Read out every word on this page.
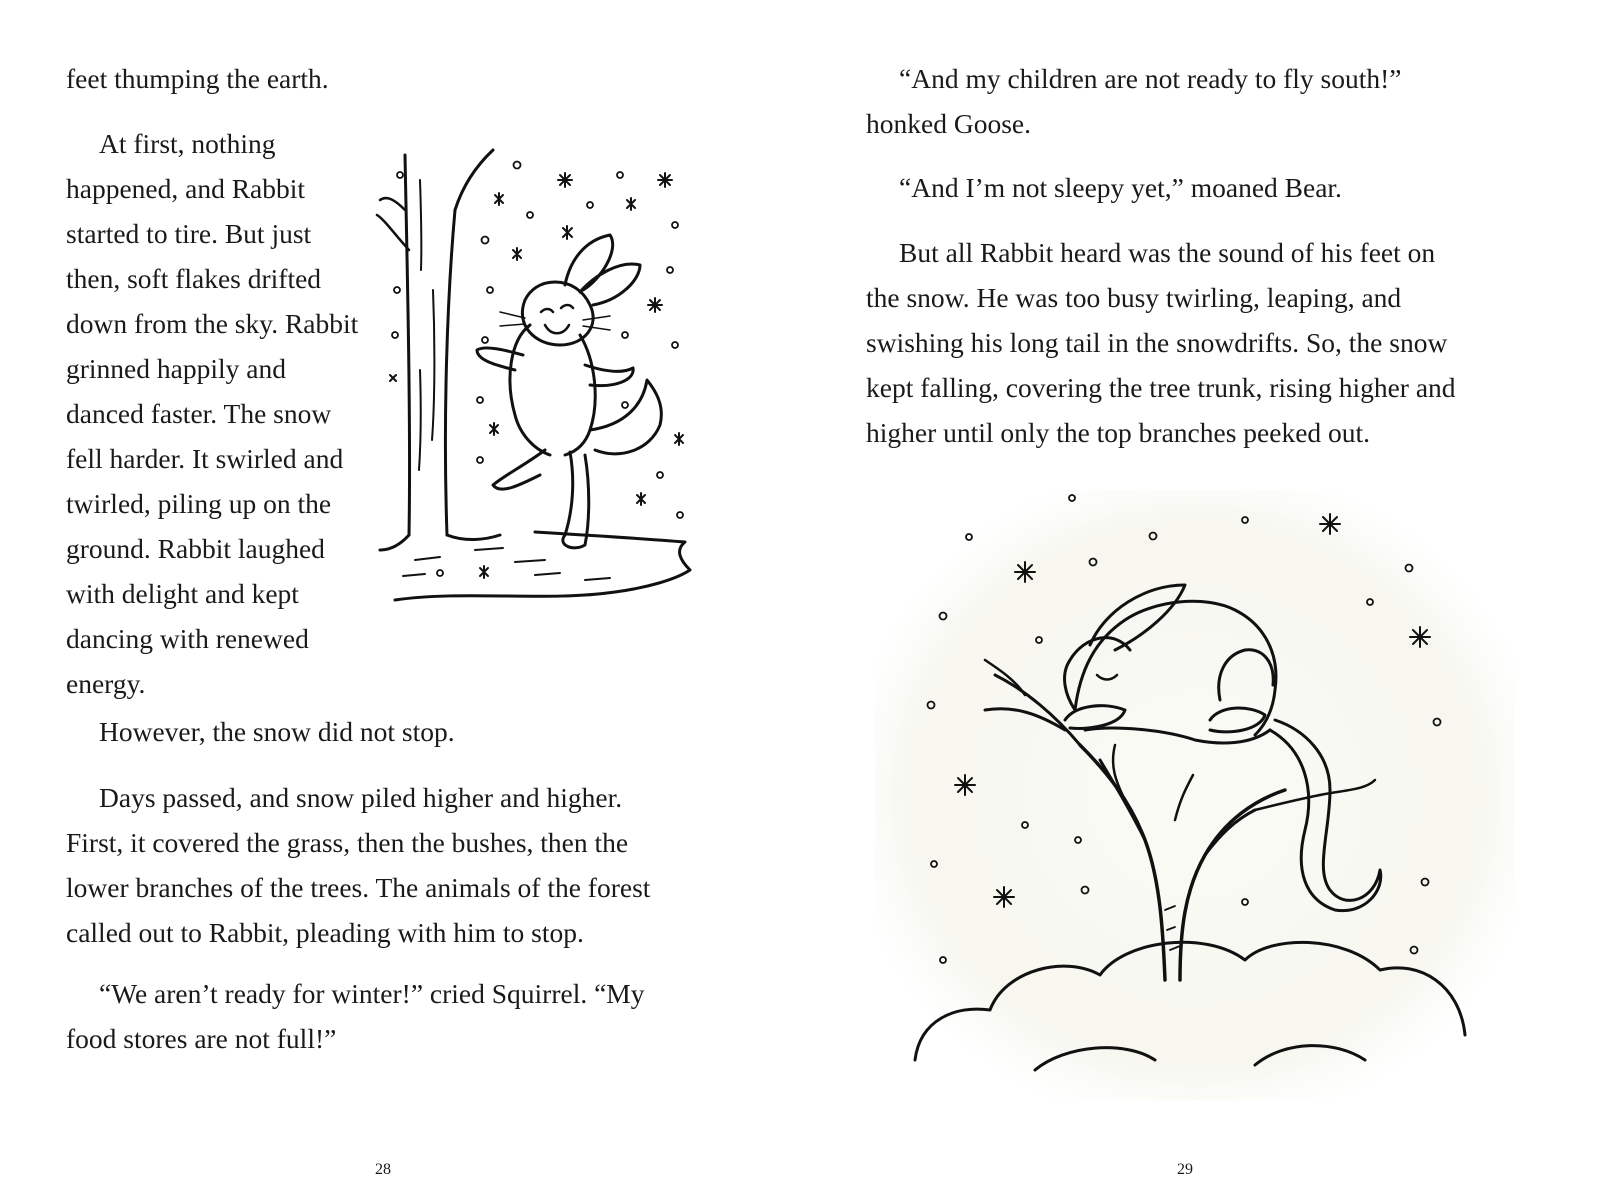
feet thumping the earth.
At first, nothing
happened, and Rabbit
started to tire. But just
then, soft flakes drifted
down from the sky. Rabbit
grinned happily and
danced faster. The snow
fell harder. It swirled and
twirled, piling up on the
ground. Rabbit laughed
with delight and kept
dancing with renewed
energy.
However, the snow did not stop.
Days passed, and snow piled higher and higher.
First, it covered the grass, then the bushes, then the
lower branches of the trees. The animals of the forest
called out to Rabbit, pleading with him to stop.
“We aren’t ready for winter!” cried Squirrel. “My
food stores are not full!”
28
“And my children are not ready to fly south!”
honked Goose.
“And I’m not sleepy yet,” moaned Bear.
But all Rabbit heard was the sound of his feet on
the snow. He was too busy twirling, leaping, and
swishing his long tail in the snowdrifts. So, the snow
kept falling, covering the tree trunk, rising higher and
higher until only the top branches peeked out.
29
